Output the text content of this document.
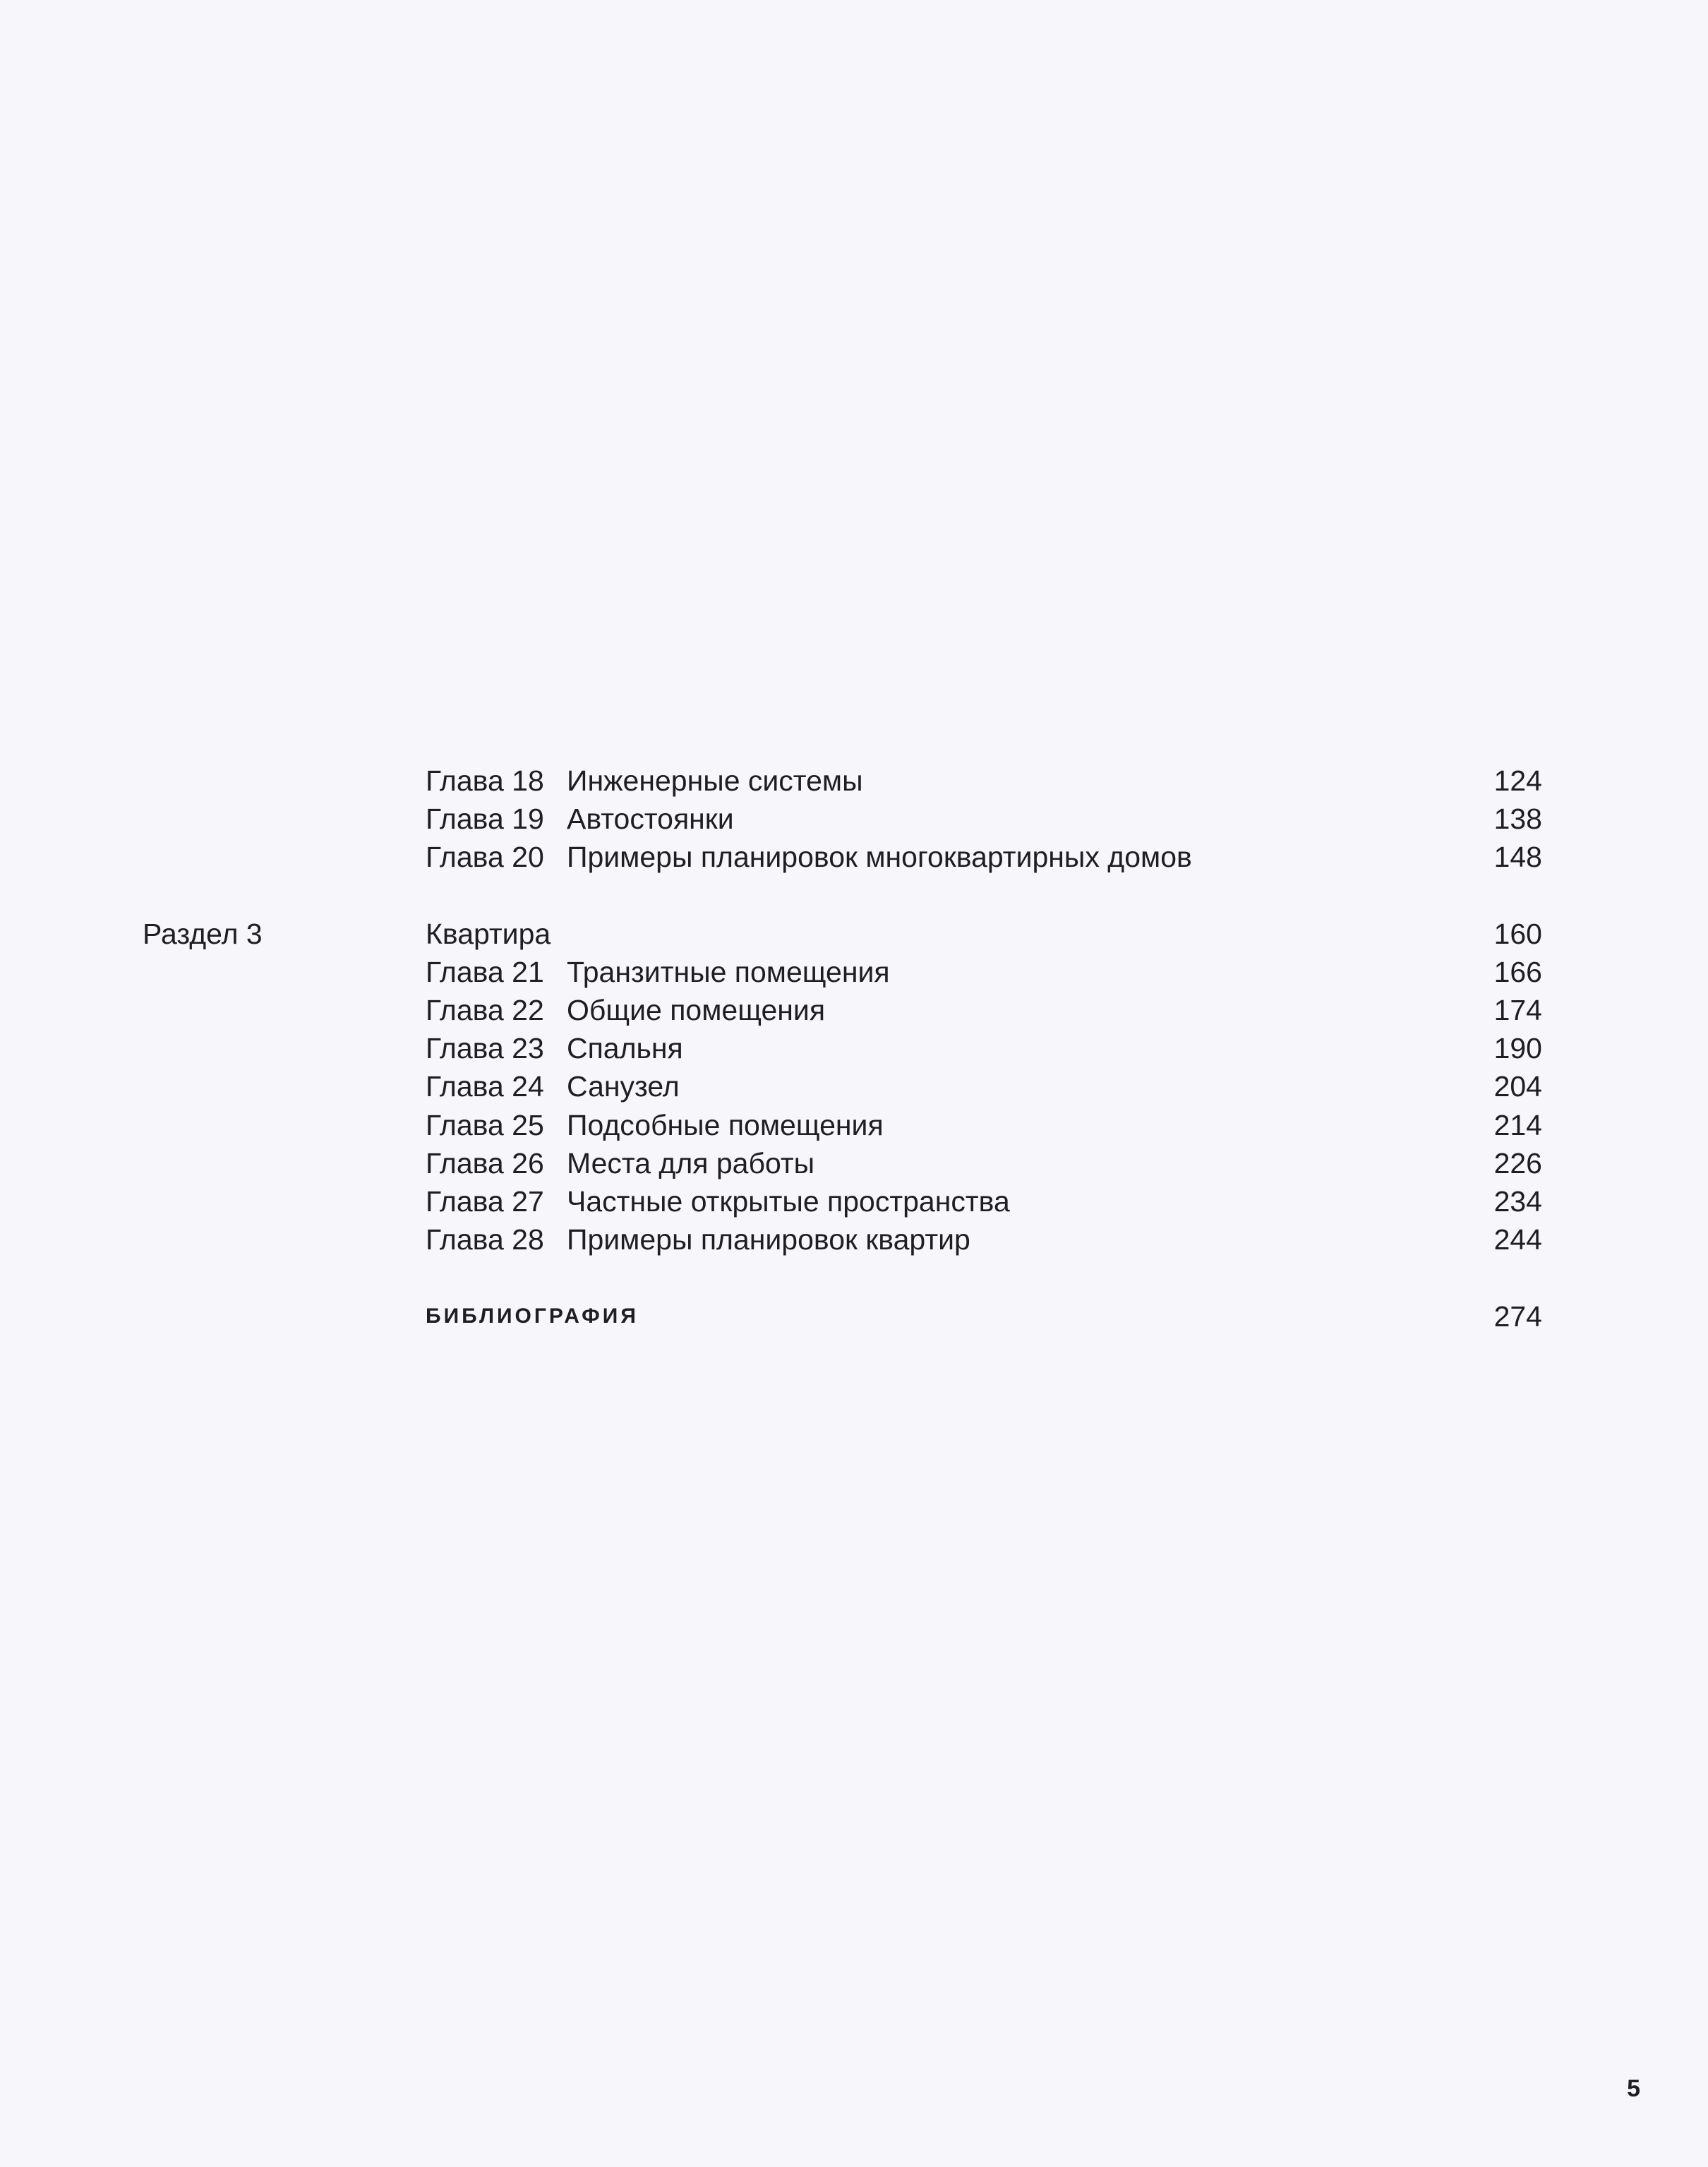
Глава 18 Инженерные системы	124
Глава 19 Автостоянки	138
Глава 20 Примеры планировок многоквартирных домов	148
Раздел 3	Квартира	160
Глава 21 Транзитные помещения	166
Глава 22 Общие помещения	174
Глава 23 Спальня	190
Глава 24 Санузел	204
Глава 25 Подсобные помещения	214
Глава 26 Места для работы	226
Глава 27 Частные открытые пространства	234
Глава 28 Примеры планировок квартир	244
БИБЛИОГРАФИЯ	274
5
